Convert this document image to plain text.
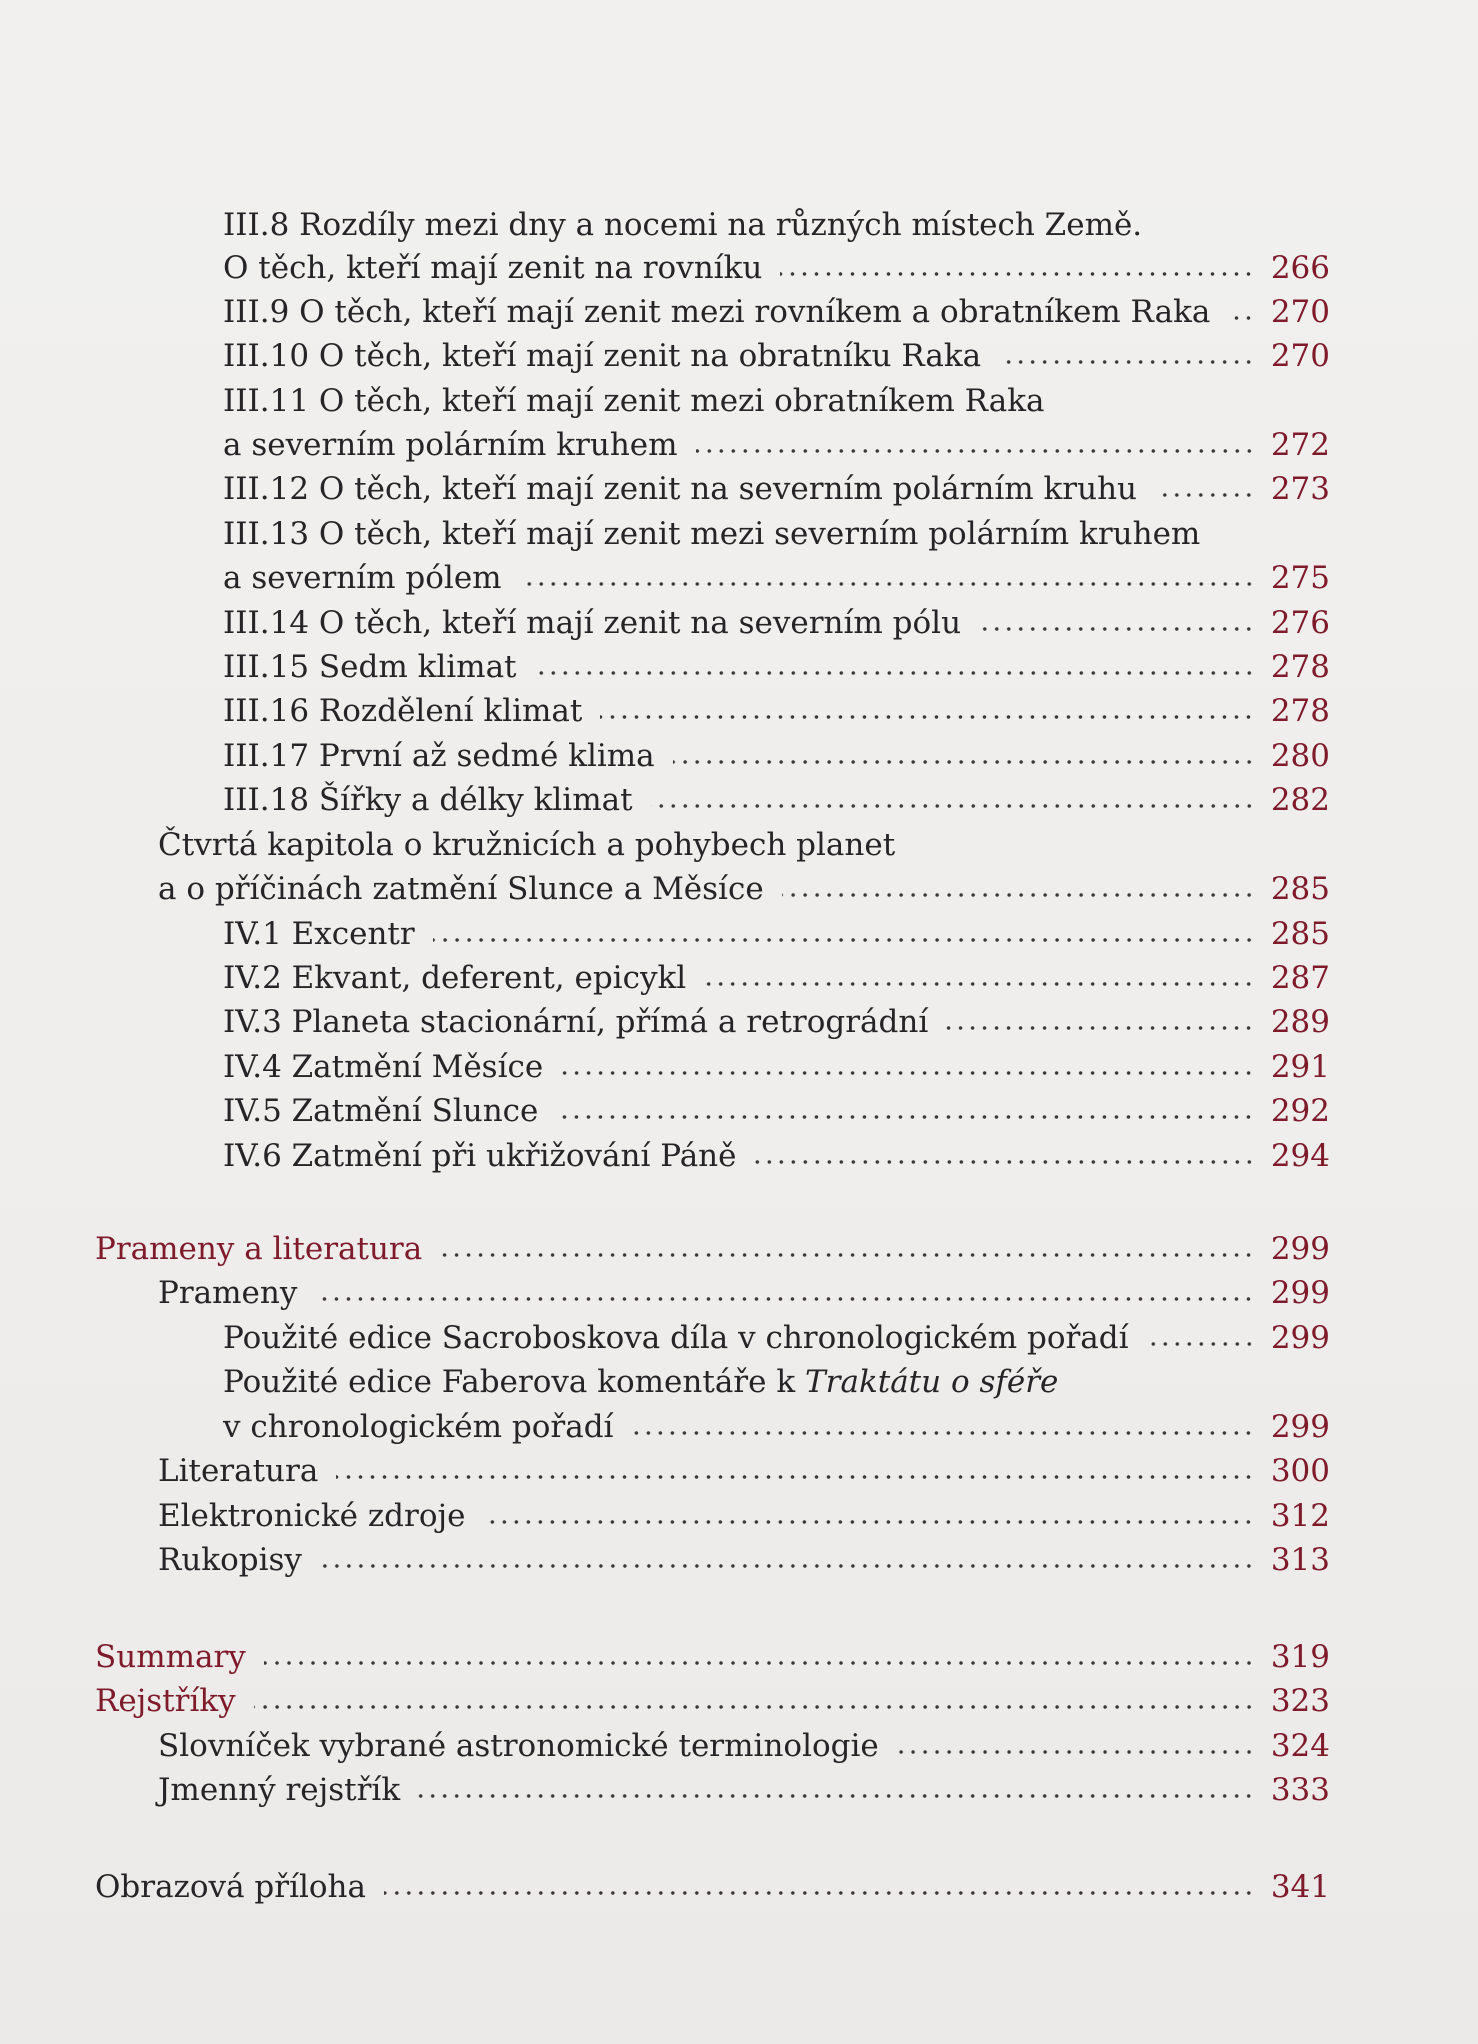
III.8 Rozdíly mezi dny a nocemi na různých místech Země.
O těch, kteří mají zenit na rovníku	266
III.9 O těch, kteří mají zenit mezi rovníkem a obratníkem Raka 270
III.10 O těch, kteří mají zenit na obratníku Raka	270
III.11 O těch, kteří mají zenit mezi obratníkem Raka
a severním polárním kruhem	272
III.12 O těch, kteří mají zenit na severním polárním kruhu	273
III.13 O těch, kteří mají zenit mezi severním polárním kruhem
a severním pólem	275
III.14 O těch, kteří mají zenit na severním pólu	276
III.15 Sedm klimat	278
III.16 Rozdělení klimat	278
III.17 První až sedmé klima	280
III.18 Šířky a délky klimat	282
Čtvrtá kapitola o kružnicích a pohybech planet
a o příčinách zatmění Slunce a Měsíce	285
IV.1 Excentr	285
IV.2 Ekvant, deferent, epicykl	287
IV.3 Planeta stacionární, přímá a retrográdní	289
IV.4 Zatmění Měsíce	291
IV.5 Zatmění Slunce	292
IV.6 Zatmění při ukřižování Páně	294
Prameny a literatura	299
Prameny	299
Použité edice Sacroboskova díla v chronologickém pořadí	299
Použité edice Faberova komentáře k Traktátu o sféře
v chronologickém pořadí	299
Literatura	300
Elektronické zdroje	312
Rukopisy	313
Summary	319
Rejstříky	323
Slovníček vybrané astronomické terminologie	324
Jmenný rejstřík	333
Obrazová příloha	341
